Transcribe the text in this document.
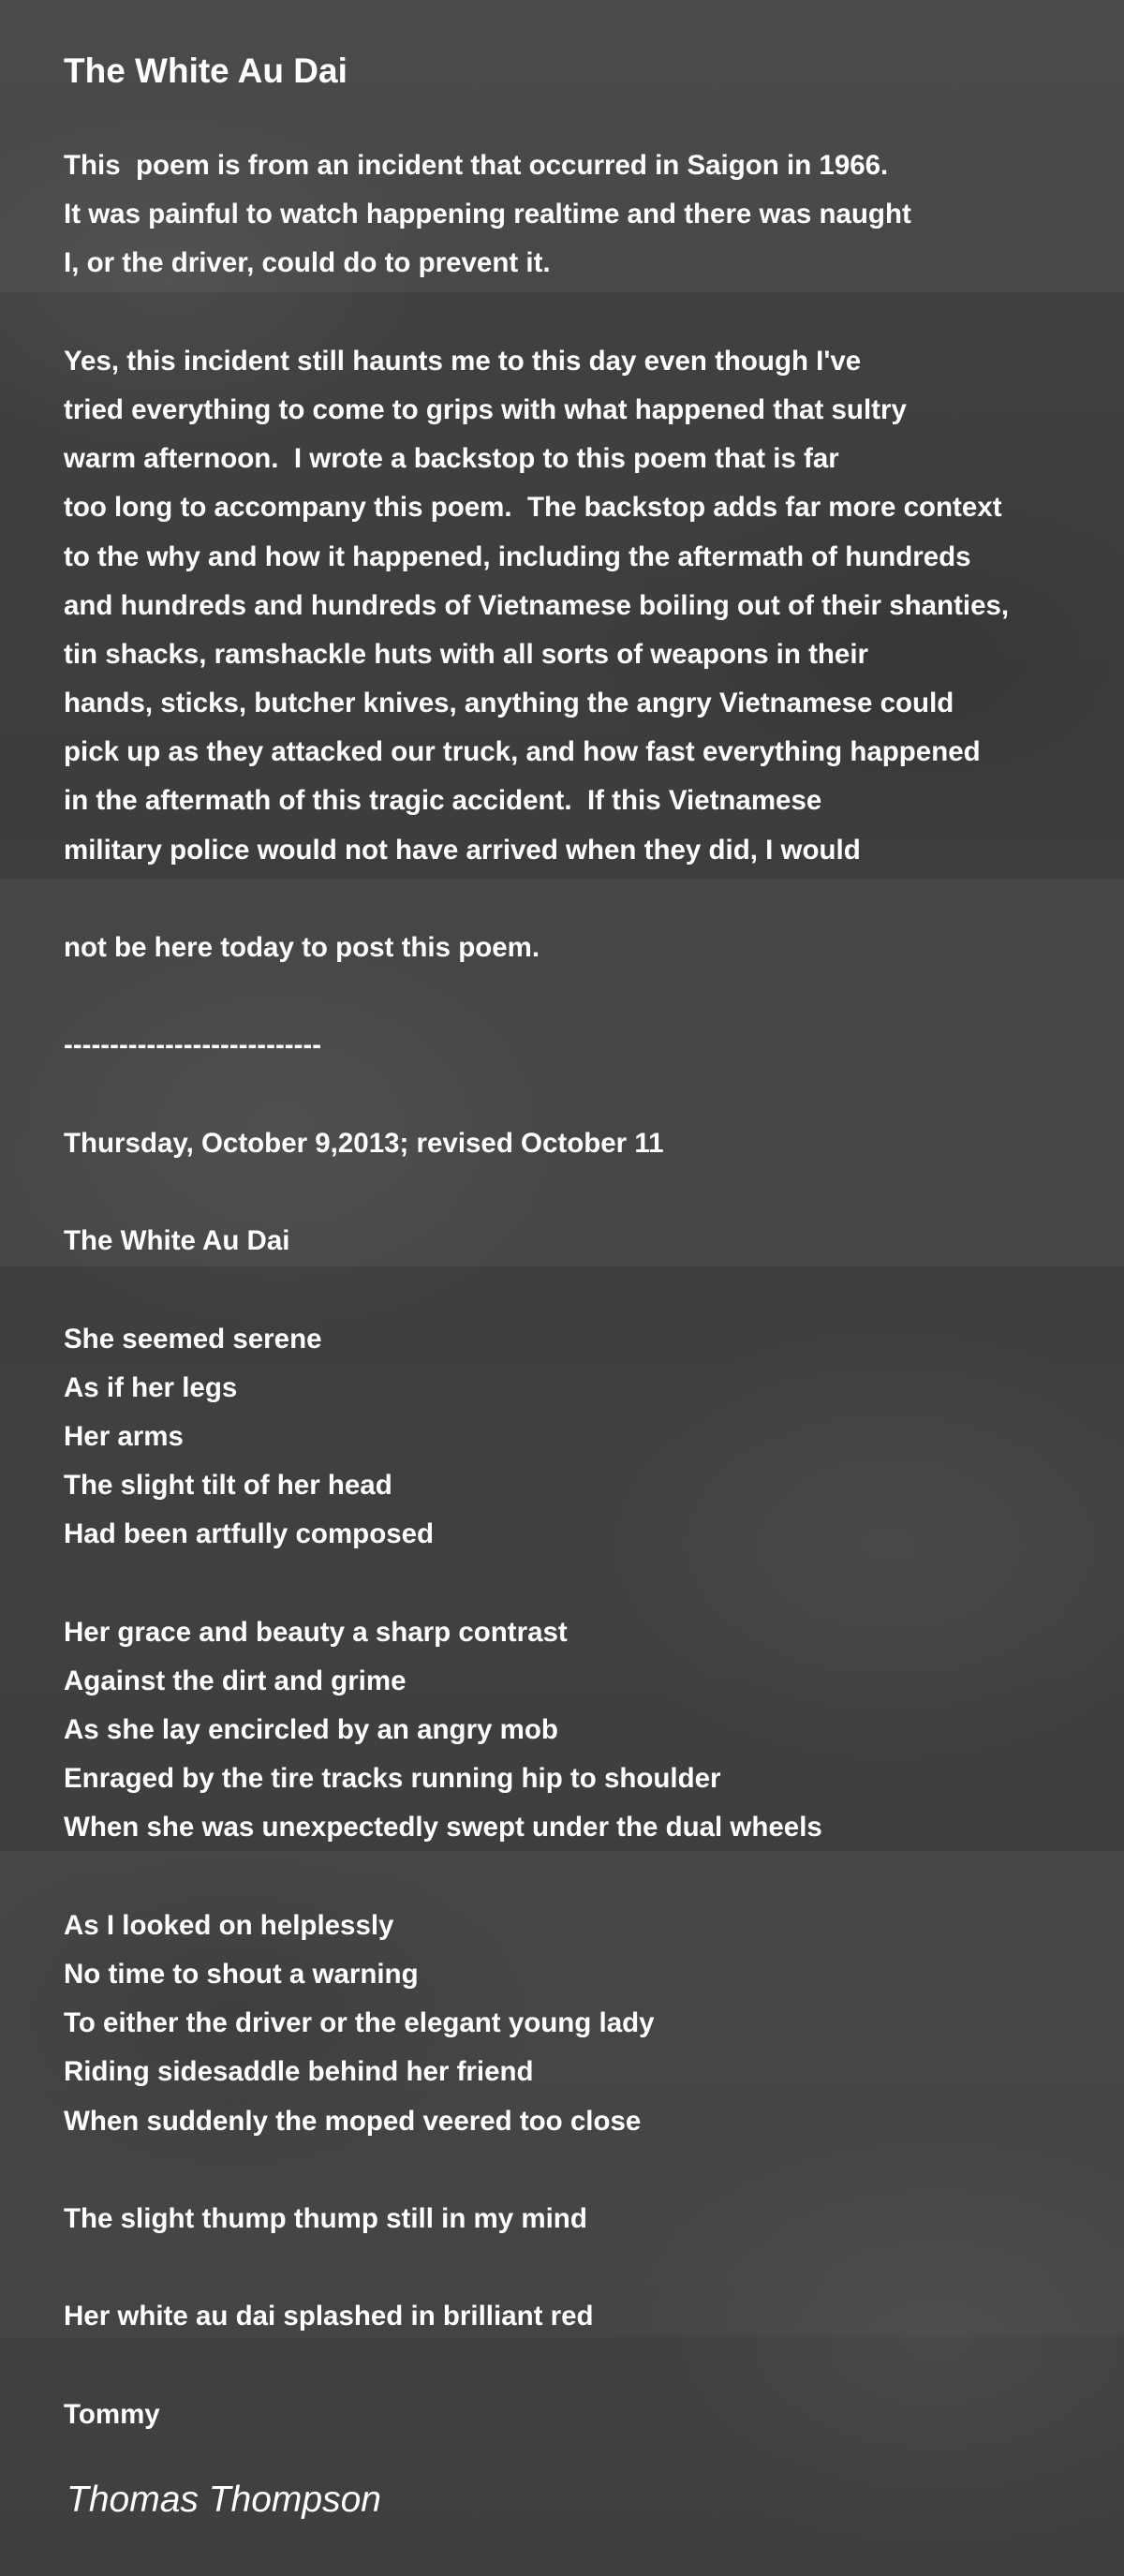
The White Au Dai
This  poem is from an incident that occurred in Saigon in 1966.
It was painful to watch happening realtime and there was naught
I, or the driver, could do to prevent it.
Yes, this incident still haunts me to this day even though I've
tried everything to come to grips with what happened that sultry
warm afternoon.  I wrote a backstop to this poem that is far
too long to accompany this poem.  The backstop adds far more context
to the why and how it happened, including the aftermath of hundreds
and hundreds and hundreds of Vietnamese boiling out of their shanties,
tin shacks, ramshackle huts with all sorts of weapons in their
hands, sticks, butcher knives, anything the angry Vietnamese could
pick up as they attacked our truck, and how fast everything happened
in the aftermath of this tragic accident.  If this Vietnamese
military police would not have arrived when they did, I would
not be here today to post this poem.
----------------------------
Thursday, October 9,2013; revised October 11
The White Au Dai
She seemed serene
As if her legs
Her arms
The slight tilt of her head
Had been artfully composed
Her grace and beauty a sharp contrast
Against the dirt and grime
As she lay encircled by an angry mob
Enraged by the tire tracks running hip to shoulder
When she was unexpectedly swept under the dual wheels
As I looked on helplessly
No time to shout a warning
To either the driver or the elegant young lady
Riding sidesaddle behind her friend
When suddenly the moped veered too close
The slight thump thump still in my mind
Her white au dai splashed in brilliant red
Tommy
Thomas Thompson
